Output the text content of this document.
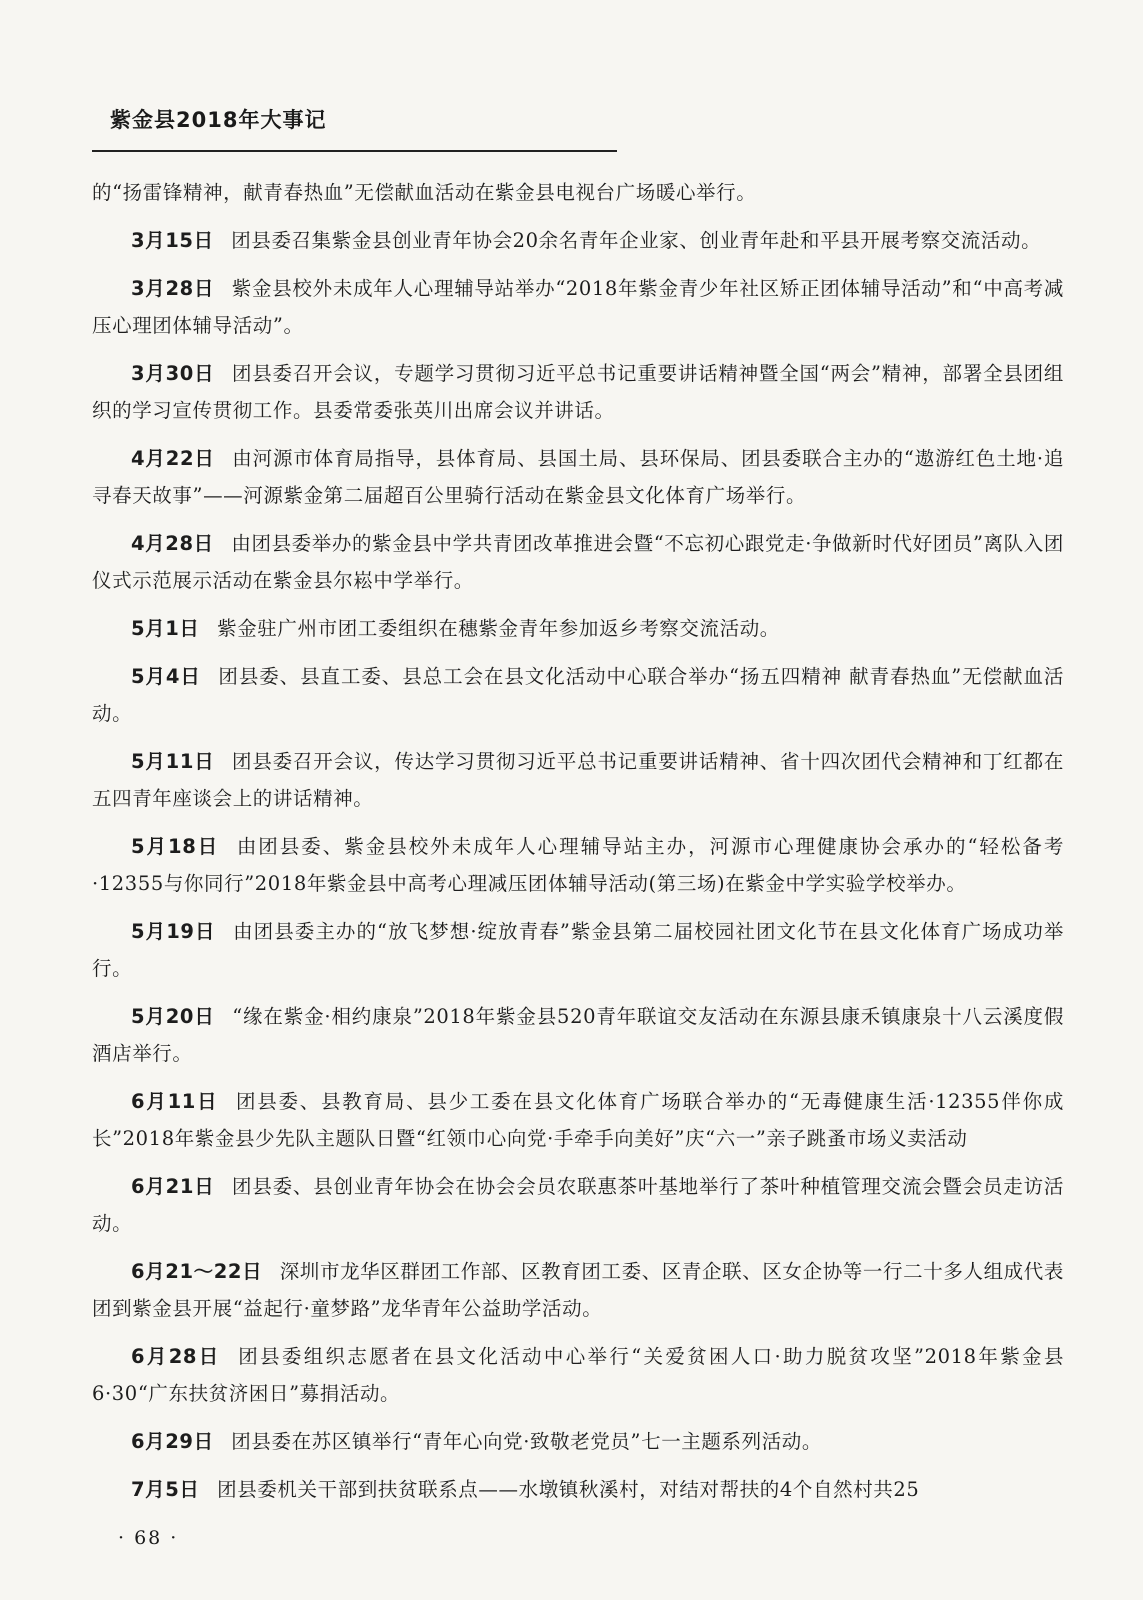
紫金县2018年大事记

的“扬雷锋精神，献青春热血”无偿献血活动在紫金县电视台广场暖心举行。

3月15日 团县委召集紫金县创业青年协会20余名青年企业家、创业青年赴和平县开展考察交流活动。

3月28日 紫金县校外未成年人心理辅导站举办“2018年紫金青少年社区矫正团体辅导活动”和“中高考减压心理团体辅导活动”。

3月30日 团县委召开会议，专题学习贯彻习近平总书记重要讲话精神暨全国“两会”精神，部署全县团组织的学习宣传贯彻工作。县委常委张英川出席会议并讲话。

4月22日 由河源市体育局指导，县体育局、县国土局、县环保局、团县委联合主办的“遨游红色土地·追寻春天故事”——河源紫金第二届超百公里骑行活动在紫金县文化体育广场举行。

4月28日 由团县委举办的紫金县中学共青团改革推进会暨“不忘初心跟党走·争做新时代好团员”离队入团仪式示范展示活动在紫金县尔崧中学举行。

5月1日 紫金驻广州市团工委组织在穗紫金青年参加返乡考察交流活动。

5月4日 团县委、县直工委、县总工会在县文化活动中心联合举办“扬五四精神 献青春热血”无偿献血活动。

5月11日 团县委召开会议，传达学习贯彻习近平总书记重要讲话精神、省十四次团代会精神和丁红都在五四青年座谈会上的讲话精神。

5月18日 由团县委、紫金县校外未成年人心理辅导站主办，河源市心理健康协会承办的“轻松备考·12355与你同行”2018年紫金县中高考心理减压团体辅导活动(第三场)在紫金中学实验学校举办。

5月19日 由团县委主办的“放飞梦想·绽放青春”紫金县第二届校园社团文化节在县文化体育广场成功举行。

5月20日 “缘在紫金·相约康泉”2018年紫金县520青年联谊交友活动在东源县康禾镇康泉十八云溪度假酒店举行。

6月11日 团县委、县教育局、县少工委在县文化体育广场联合举办的“无毒健康生活·12355伴你成长”2018年紫金县少先队主题队日暨“红领巾心向党·手牵手向美好”庆“六一”亲子跳蚤市场义卖活动

6月21日 团县委、县创业青年协会在协会会员农联惠茶叶基地举行了茶叶种植管理交流会暨会员走访活动。

6月21～22日 深圳市龙华区群团工作部、区教育团工委、区青企联、区女企协等一行二十多人组成代表团到紫金县开展“益起行·童梦路”龙华青年公益助学活动。

6月28日 团县委组织志愿者在县文化活动中心举行“关爱贫困人口·助力脱贫攻坚”2018年紫金县6·30“广东扶贫济困日”募捐活动。

6月29日 团县委在苏区镇举行“青年心向党·致敬老党员”七一主题系列活动。

7月5日 团县委机关干部到扶贫联系点——水墩镇秋溪村，对结对帮扶的4个自然村共25

· 68 ·
